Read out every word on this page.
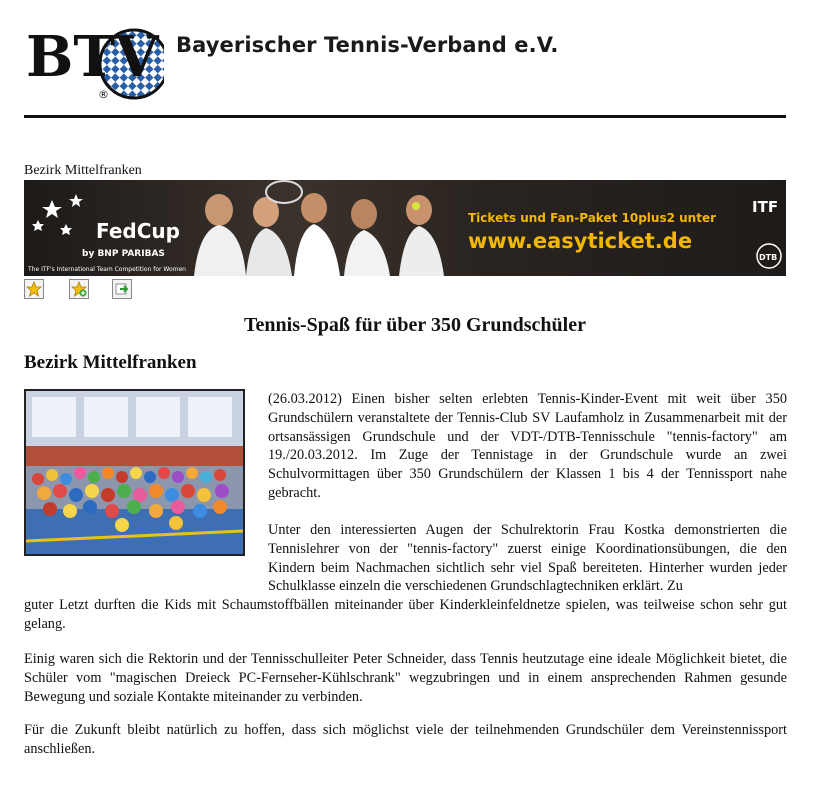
BTV
®
Bayerischer Tennis-Verband e.V.
Bezirk Mittelfranken
FedCup
by BNP PARIBAS
The ITF's International Team Competition for Women
Tickets und Fan-Paket 10plus2 unter
www.easyticket.de
ITF
DTB
Tennis-Spaß für über 350 Grundschüler
Bezirk Mittelfranken
(26.03.2012) Einen bisher selten erlebten Tennis-Kinder-Event mit weit über 350 Grundschülern veranstaltete der Tennis-Club SV Laufamholz in Zusammenarbeit mit der ortsansässigen Grundschule und der VDT-/DTB-Tennisschule "tennis-factory" am 19./20.03.2012. Im Zuge der Tennistage in der Grundschule wurde an zwei Schulvormittagen über 350 Grundschülern der Klassen 1 bis 4 der Tennissport nahe gebracht.
Unter den interessierten Augen der Schulrektorin Frau Kostka demonstrierten die Tennislehrer von der "tennis-factory" zuerst einige Koordinationsübungen, die den Kindern beim Nachmachen sichtlich sehr viel Spaß bereiteten. Hinterher wurden jeder Schulklasse einzeln die verschiedenen Grundschlagtechniken erklärt. Zu
guter Letzt durften die Kids mit Schaumstoffbällen miteinander über Kinderkleinfeldnetze spielen, was teilweise schon sehr gut gelang.
Einig waren sich die Rektorin und der Tennisschulleiter Peter Schneider, dass Tennis heutzutage eine ideale Möglichkeit bietet, die Schüler vom "magischen Dreieck PC-Fernseher-Kühlschrank" wegzubringen und in einem ansprechenden Rahmen gesunde Bewegung und soziale Kontakte miteinander zu verbinden.
Für die Zukunft bleibt natürlich zu hoffen, dass sich möglichst viele der teilnehmenden Grundschüler dem Vereinstennissport anschließen.
